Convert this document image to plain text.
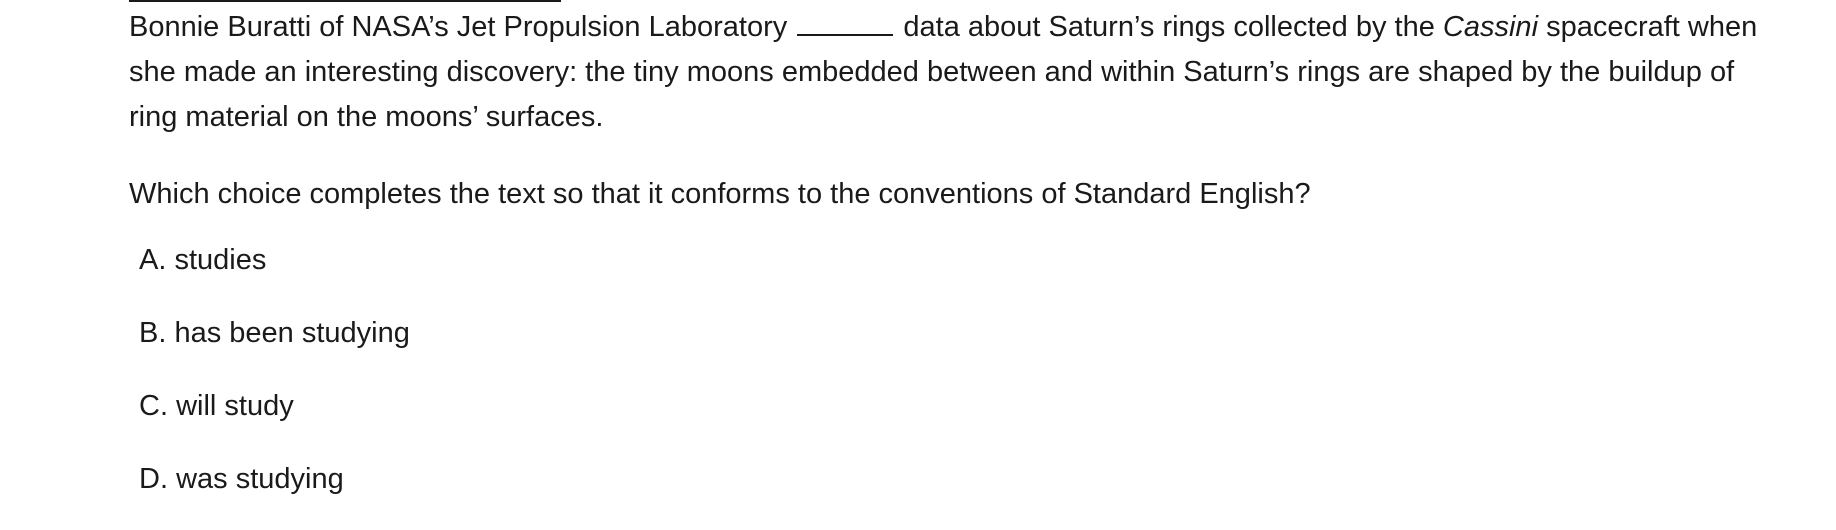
Bonnie Buratti of NASA’s Jet Propulsion Laboratory	data about Saturn’s rings collected by the Cassini spacecraft when she made an interesting discovery: the tiny moons embedded between and within Saturn’s rings are shaped by the buildup of ring material on the moons’ surfaces.

Which choice completes the text so that it conforms to the conventions of Standard English?

A. studies
B. has been studying
C. will study
D. was studying
